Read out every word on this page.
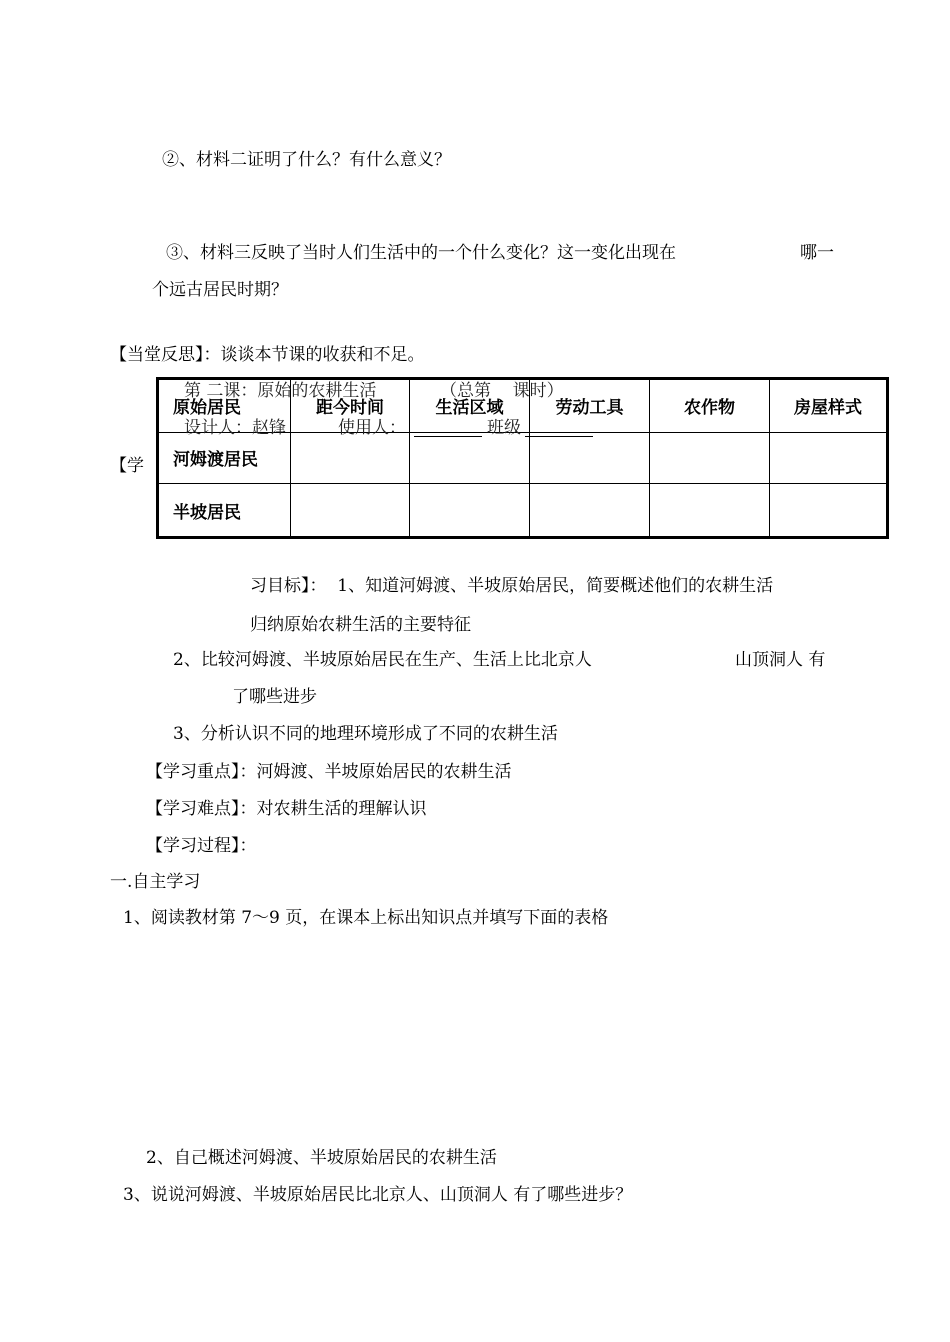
②、材料二证明了什么？有什么意义？
③、材料三反映了当时人们生活中的一个什么变化？这一变化出现在	哪一
个远古居民时期？
【当堂反思】：谈谈本节课的收获和不足。
【学
原始居民	距今时间	生活区域	劳动工具	农作物	房屋样式
河姆渡居民					
半坡居民					
第 二课：原始的农耕生活	（总第    课时）
设计人：赵锋	使用人：	班级
习目标】：  1、知道河姆渡、半坡原始居民，简要概述他们的农耕生活
归纳原始农耕生活的主要特征
2、比较河姆渡、半坡原始居民在生产、生活上比北京人	山顶洞人 有
了哪些进步
3、分析认识不同的地理环境形成了不同的农耕生活
【学习重点】：河姆渡、半坡原始居民的农耕生活
【学习难点】：对农耕生活的理解认识
【学习过程】：
一.自主学习
1、阅读教材第 7～9 页，在课本上标出知识点并填写下面的表格
2、自己概述河姆渡、半坡原始居民的农耕生活
3、说说河姆渡、半坡原始居民比北京人、山顶洞人 有了哪些进步？
